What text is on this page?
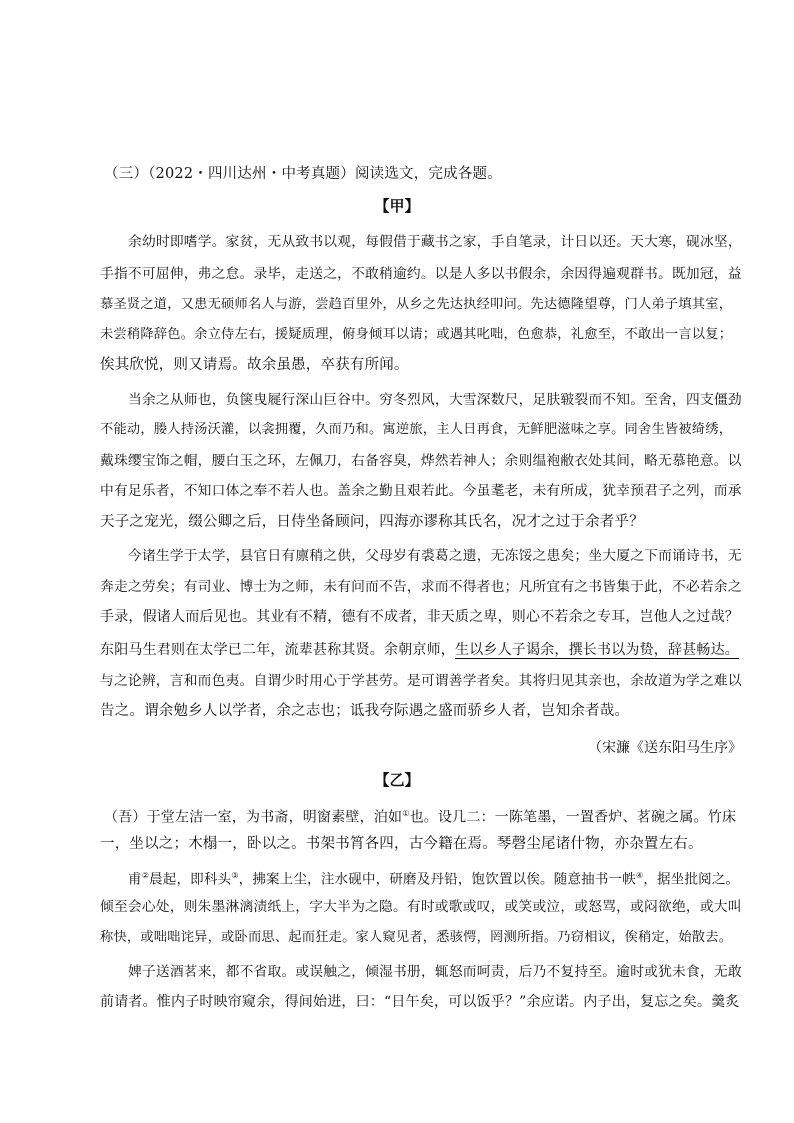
（三）（2022・四川达州・中考真题）阅读选文，完成各题。
【甲】
余幼时即嗜学。家贫，无从致书以观，每假借于藏书之家，手自笔录，计日以还。天大寒，砚冰坚，
手指不可屈伸，弗之怠。录毕，走送之，不敢稍逾约。以是人多以书假余，余因得遍观群书。既加冠，益
慕圣贤之道，又患无硕师名人与游，尝趋百里外，从乡之先达执经叩问。先达德隆望尊，门人弟子填其室，
未尝稍降辞色。余立侍左右，援疑质理，俯身倾耳以请；或遇其叱咄，色愈恭，礼愈至，不敢出一言以复；
俟其欣悦，则又请焉。故余虽愚，卒获有所闻。
当余之从师也，负箧曳屣行深山巨谷中。穷冬烈风，大雪深数尺，足肤皲裂而不知。至舍，四支僵劲
不能动，媵人持汤沃灌，以衾拥覆，久而乃和。寓逆旅，主人日再食，无鲜肥滋味之享。同舍生皆被绮绣，
戴珠缨宝饰之帽，腰白玉之环，左佩刀，右备容臭，烨然若神人；余则缊袍敝衣处其间，略无慕艳意。以
中有足乐者，不知口体之奉不若人也。盖余之勤且艰若此。今虽耄老，未有所成，犹幸预君子之列，而承
天子之宠光，缀公卿之后，日侍坐备顾问，四海亦谬称其氏名，况才之过于余者乎？
今诸生学于太学，县官日有廪稍之供，父母岁有裘葛之遗，无冻馁之患矣；坐大厦之下而诵诗书，无
奔走之劳矣；有司业、博士为之师，未有问而不告，求而不得者也；凡所宜有之书皆集于此，不必若余之
手录，假诸人而后见也。其业有不精，德有不成者，非天质之卑，则心不若余之专耳，岂他人之过哉？
东阳马生君则在太学已二年，流辈甚称其贤。余朝京师，生以乡人子谒余，撰长书以为贽，辞甚畅达。
与之论辨，言和而色夷。自谓少时用心于学甚劳。是可谓善学者矣。其将归见其亲也，余故道为学之难以
告之。谓余勉乡人以学者，余之志也；诋我夸际遇之盛而骄乡人者，岂知余者哉。
（宋濂《送东阳马生序》
【乙】
（吾）于堂左洁一室，为书斋，明窗素壁，泊如①也。设几二：一陈笔墨，一置香炉、茗碗之属。竹床
一，坐以之；木榻一，卧以之。书架书筲各四，古今籍在焉。琴磬尘尾诸什物，亦杂置左右。
甫②晨起，即科头③，拂案上尘，注水砚中，研磨及丹铅，饱饮置以俟。随意抽书一帙④，据坐批阅之。
倾至会心处，则朱墨淋漓渍纸上，字大半为之隐。有时或歌或叹，或笑或泣，或怒骂，或闷欲绝，或大叫
称快，或咄咄诧异，或卧而思、起而狂走。家人窥见者，悉骇愕，罔测所指。乃窃相议，俟稍定，始散去。
婢子送酒茗来，都不省取。或误触之，倾湿书册，辄怒而呵责，后乃不复持至。逾时或犹未食，无敢
前请者。惟内子时映帘窥余，得间始进，曰：“日午矣，可以饭乎？”余应诺。内子出，复忘之矣。羹炙
